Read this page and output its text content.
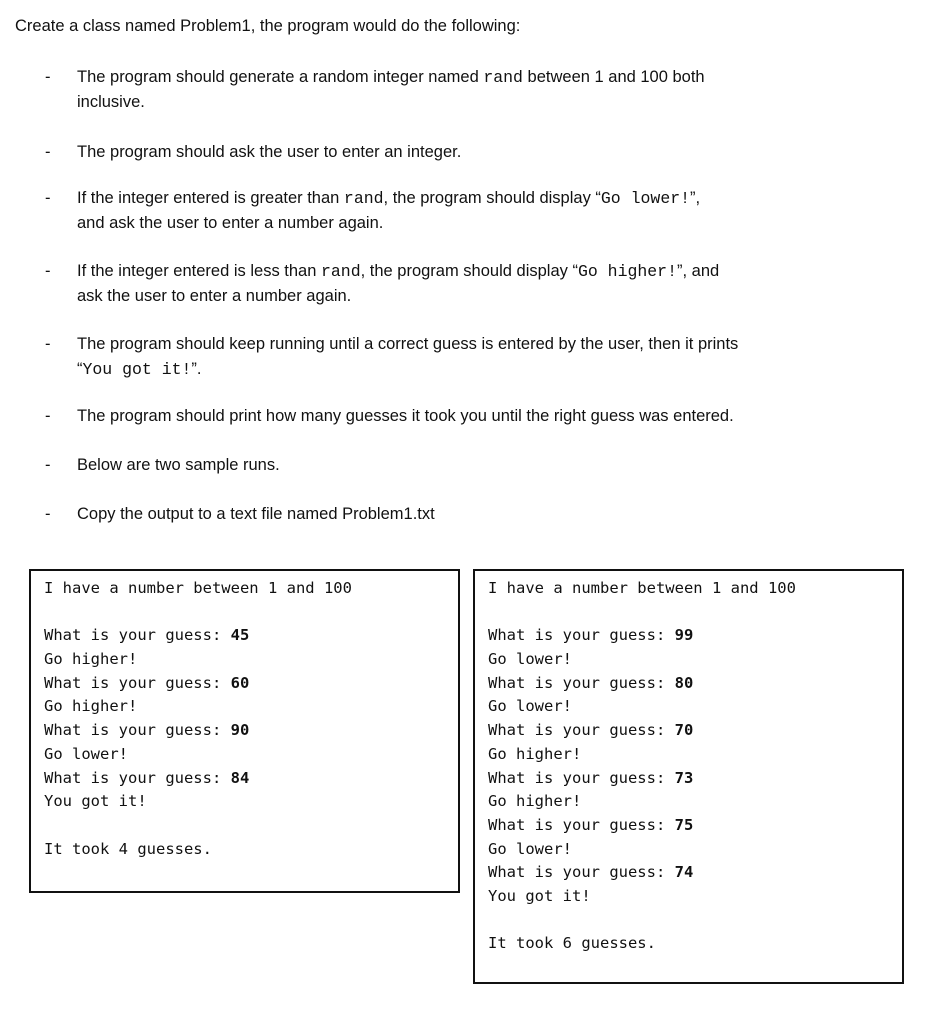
Create a class named Problem1, the program would do the following:
- The program should generate a random integer named rand between 1 and 100 both
inclusive.
- The program should ask the user to enter an integer.
- If the integer entered is greater than rand, the program should display “Go lower!”,
and ask the user to enter a number again.
- If the integer entered is less than rand, the program should display “Go higher!”, and
ask the user to enter a number again.
- The program should keep running until a correct guess is entered by the user, then it prints
“You got it!”.
- The program should print how many guesses it took you until the right guess was entered.
- Below are two sample runs.
- Copy the output to a text file named Problem1.txt
I have a number between 1 and 100
What is your guess: 45
Go higher!
What is your guess: 60
Go higher!
What is your guess: 90
Go lower!
What is your guess: 84
You got it!
It took 4 guesses.
I have a number between 1 and 100
What is your guess: 99
Go lower!
What is your guess: 80
Go lower!
What is your guess: 70
Go higher!
What is your guess: 73
Go higher!
What is your guess: 75
Go lower!
What is your guess: 74
You got it!
It took 6 guesses.
